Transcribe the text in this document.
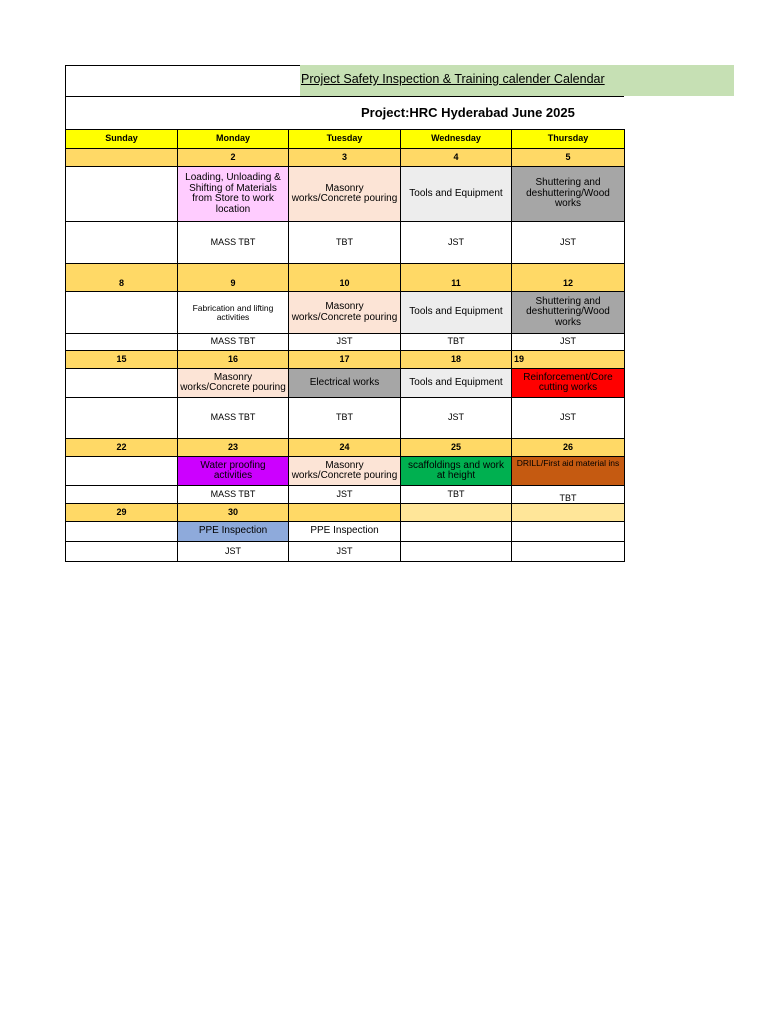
Project Safety Inspection & Training calender Calendar
Project:HRC Hyderabad June 2025
Sunday	Monday	Tuesday	Wednesday	Thursday
	2	3	4	5
	Loading, Unloading & Shifting of Materials from Store to work location	Masonry works/Concrete pouring	Tools and Equipment	Shuttering and deshuttering/Wood works
	MASS TBT	TBT	JST	JST
8	9	10	11	12
	Fabrication and lifting activities	Masonry works/Concrete pouring	Tools and Equipment	Shuttering and deshuttering/Wood works
	MASS TBT	JST	TBT	JST
15	16	17	18	19
	Masonry works/Concrete pouring	Electrical works	Tools and Equipment	Reinforcement/Core cutting works
	MASS TBT	TBT	JST	JST
22	23	24	25	26
	Water proofing activities	Masonry works/Concrete pouring	scaffoldings and work at height	DRILL/First aid material ins
	MASS TBT	JST	TBT	TBT
29	30			
	PPE Inspection	PPE Inspection		
	JST	JST		
